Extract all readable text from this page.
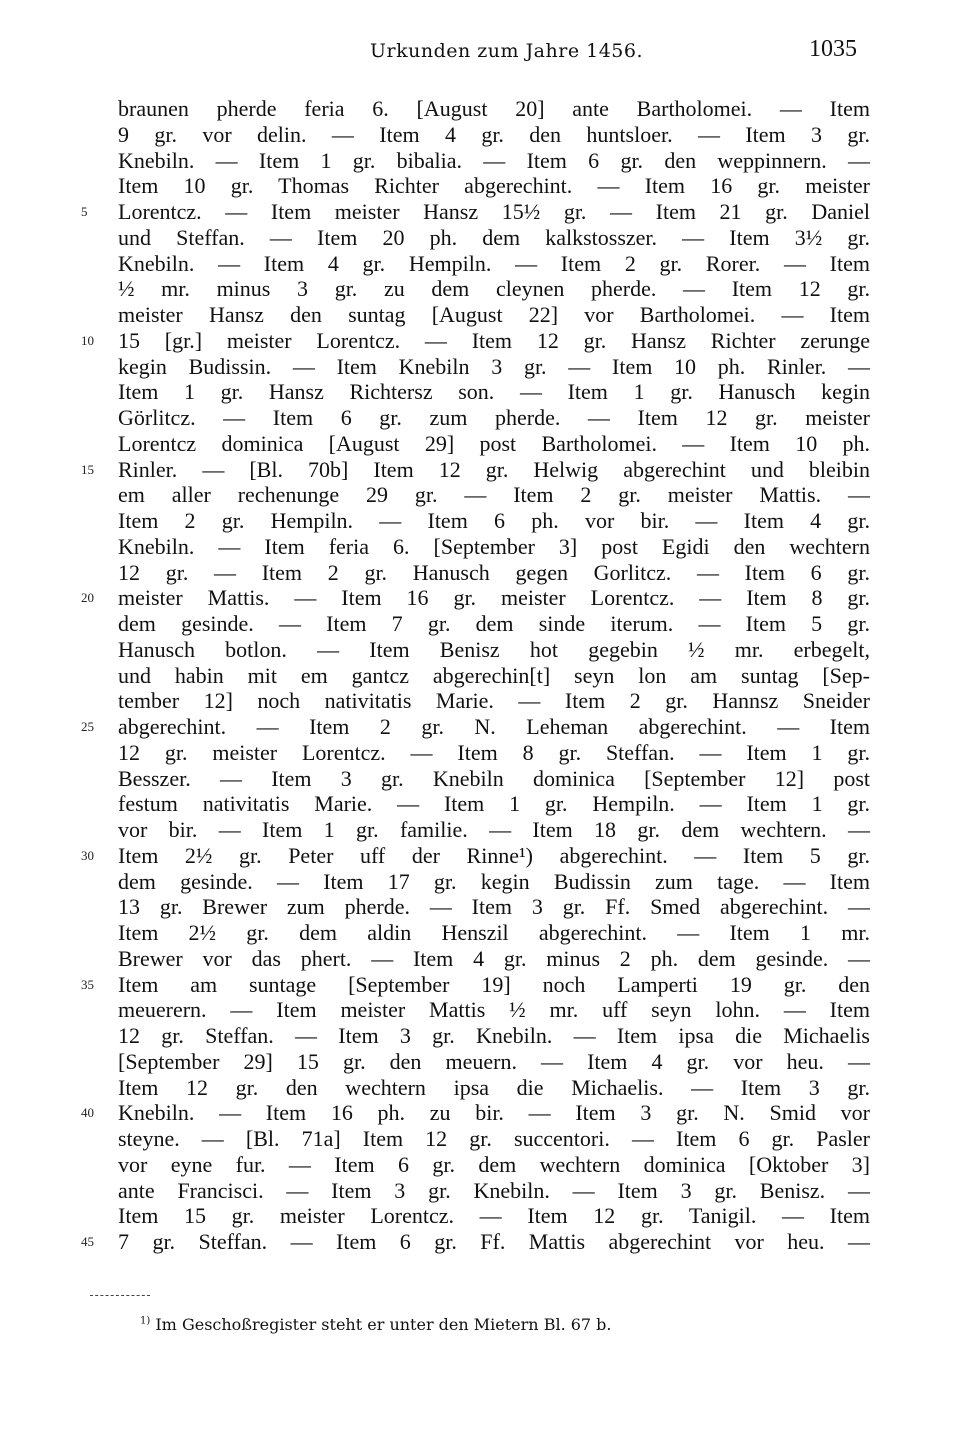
Urkunden zum Jahre 1456.	1035
braunen pherde feria 6. [August 20] ante Bartholomei. — Item
9 gr. vor delin. — Item 4 gr. den huntsloer. — Item 3 gr.
Knebiln. — Item 1 gr. bibalia. — Item 6 gr. den weppinnern. —
Item 10 gr. Thomas Richter abgerechint. — Item 16 gr. meister
5	Lorentcz. — Item meister Hansz 15½ gr. — Item 21 gr. Daniel
und Steffan. — Item 20 ph. dem kalkstosszer. — Item 3½ gr.
Knebiln. — Item 4 gr. Hempiln. — Item 2 gr. Rorer. — Item
½ mr. minus 3 gr. zu dem cleynen pherde. — Item 12 gr.
meister Hansz den suntag [August 22] vor Bartholomei. — Item
10	15 [gr.] meister Lorentcz. — Item 12 gr. Hansz Richter zerunge
kegin Budissin. — Item Knebiln 3 gr. — Item 10 ph. Rinler. —
Item 1 gr. Hansz Richtersz son. — Item 1 gr. Hanusch kegin
Görlitcz. — Item 6 gr. zum pherde. — Item 12 gr. meister
Lorentcz dominica [August 29] post Bartholomei. — Item 10 ph.
15	Rinler. — [Bl. 70b] Item 12 gr. Helwig abgerechint und bleibin
em aller rechenunge 29 gr. — Item 2 gr. meister Mattis. —
Item 2 gr. Hempiln. — Item 6 ph. vor bir. — Item 4 gr.
Knebiln. — Item feria 6. [September 3] post Egidi den wechtern
12 gr. — Item 2 gr. Hanusch gegen Gorlitcz. — Item 6 gr.
20	meister Mattis. — Item 16 gr. meister Lorentcz. — Item 8 gr.
dem gesinde. — Item 7 gr. dem sinde iterum. — Item 5 gr.
Hanusch botlon. — Item Benisz hot gegebin ½ mr. erbegelt,
und habin mit em gantcz abgerechin[t] seyn lon am suntag [Sep-
tember 12] noch nativitatis Marie. — Item 2 gr. Hannsz Sneider
25	abgerechint. — Item 2 gr. N. Leheman abgerechint. — Item
12 gr. meister Lorentcz. — Item 8 gr. Steffan. — Item 1 gr.
Besszer. — Item 3 gr. Knebiln dominica [September 12] post
festum nativitatis Marie. — Item 1 gr. Hempiln. — Item 1 gr.
vor bir. — Item 1 gr. familie. — Item 18 gr. dem wechtern. —
30	Item 2½ gr. Peter uff der Rinne¹) abgerechint. — Item 5 gr.
dem gesinde. — Item 17 gr. kegin Budissin zum tage. — Item
13 gr. Brewer zum pherde. — Item 3 gr. Ff. Smed abgerechint. —
Item 2½ gr. dem aldin Henszil abgerechint. — Item 1 mr.
Brewer vor das phert. — Item 4 gr. minus 2 ph. dem gesinde. —
35	Item am suntage [September 19] noch Lamperti 19 gr. den
meuerern. — Item meister Mattis ½ mr. uff seyn lohn. — Item
12 gr. Steffan. — Item 3 gr. Knebiln. — Item ipsa die Michaelis
[September 29] 15 gr. den meuern. — Item 4 gr. vor heu. —
Item 12 gr. den wechtern ipsa die Michaelis. — Item 3 gr.
40	Knebiln. — Item 16 ph. zu bir. — Item 3 gr. N. Smid vor
steyne. — [Bl. 71a] Item 12 gr. succentori. — Item 6 gr. Pasler
vor eyne fur. — Item 6 gr. dem wechtern dominica [Oktober 3]
ante Francisci. — Item 3 gr. Knebiln. — Item 3 gr. Benisz. —
Item 15 gr. meister Lorentcz. — Item 12 gr. Tanigil. — Item
45	7 gr. Steffan. — Item 6 gr. Ff. Mattis abgerechint vor heu. —
$^{1)}$ Im Geschoßregister steht er unter den Mietern Bl. 67 b.
